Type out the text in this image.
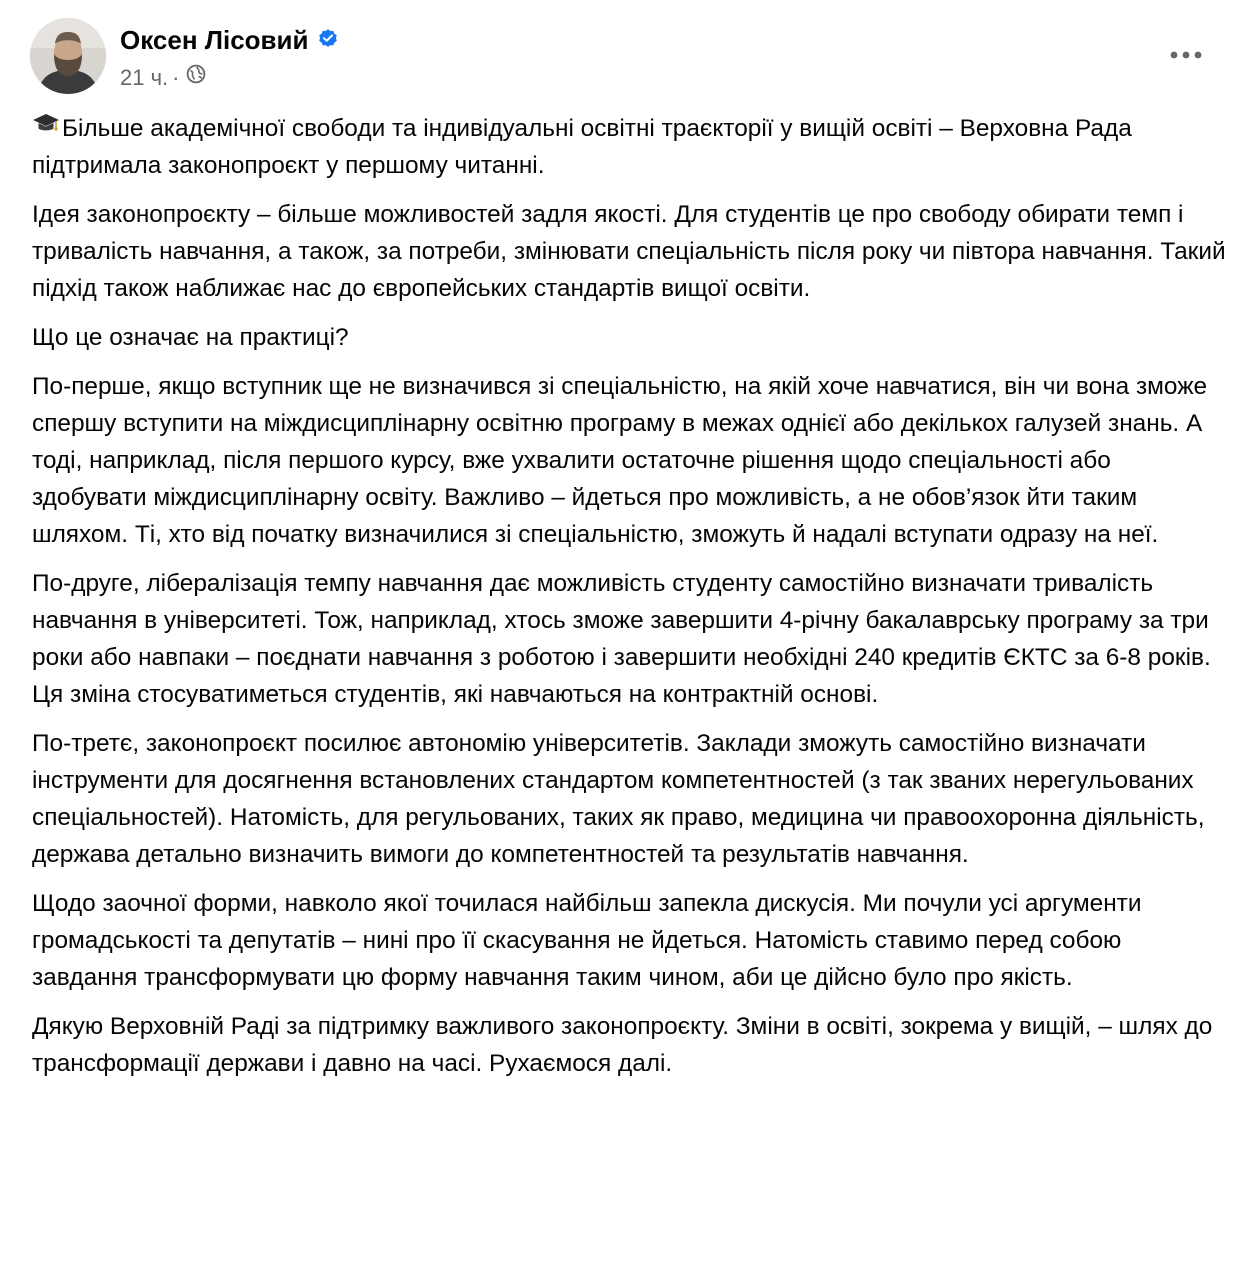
Оксен Лісовий
21 ч. ·

Більше академічної свободи та індивідуальні освітні траєкторії у вищій освіті – Верховна Рада підтримала законопроєкт у першому читанні.

Ідея законопроєкту – більше можливостей задля якості. Для студентів це про свободу обирати темп і тривалість навчання, а також, за потреби, змінювати спеціальність після року чи півтора навчання. Такий підхід також наближає нас до європейських стандартів вищої освіти.

Що це означає на практиці?

По-перше, якщо вступник ще не визначився зі спеціальністю, на якій хоче навчатися, він чи вона зможе спершу вступити на міждисциплінарну освітню програму в межах однієї або декількох галузей знань. А тоді, наприклад, після першого курсу, вже ухвалити остаточне рішення щодо спеціальності або здобувати міждисциплінарну освіту. Важливо – йдеться про можливість, а не обов’язок йти таким шляхом. Ті, хто від початку визначилися зі спеціальністю, зможуть й надалі вступати одразу на неї.

По-друге, лібералізація темпу навчання дає можливість студенту самостійно визначати тривалість навчання в університеті. Тож, наприклад, хтось зможе завершити 4-річну бакалаврську програму за три роки або навпаки – поєднати навчання з роботою і завершити необхідні 240 кредитів ЄКТС за 6-8 років. Ця зміна стосуватиметься студентів, які навчаються на контрактній основі.

По-третє, законопроєкт посилює автономію університетів. Заклади зможуть самостійно визначати інструменти для досягнення встановлених стандартом компетентностей (з так званих нерегульованих спеціальностей). Натомість, для регульованих, таких як право, медицина чи правоохоронна діяльність, держава детально визначить вимоги до компетентностей та результатів навчання.

Щодо заочної форми, навколо якої точилася найбільш запекла дискусія. Ми почули усі аргументи громадськості та депутатів – нині про її скасування не йдеться. Натомість ставимо перед собою завдання трансформувати цю форму навчання таким чином, аби це дійсно було про якість.

Дякую Верховній Раді за підтримку важливого законопроєкту. Зміни в освіті, зокрема у вищій, – шлях до трансформації держави і давно на часі. Рухаємося далі.
